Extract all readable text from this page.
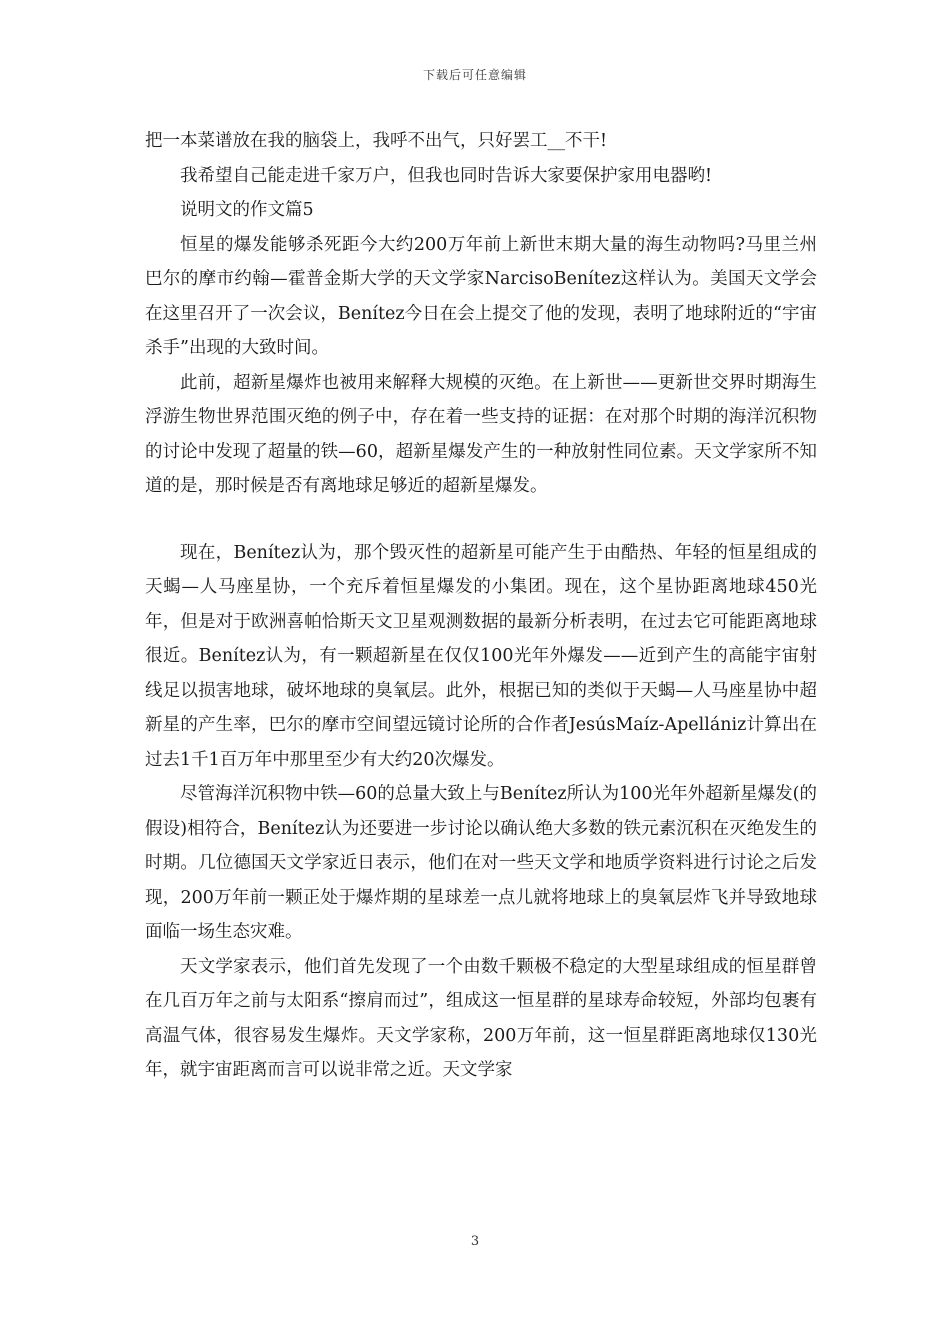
下载后可任意编辑

把一本菜谱放在我的脑袋上，我呼不出气，只好罢工__不干!

我希望自己能走进千家万户，但我也同时告诉大家要保护家用电器哟!

说明文的作文篇5

恒星的爆发能够杀死距今大约200万年前上新世末期大量的海生动物吗?马里兰州巴尔的摩市约翰—霍普金斯大学的天文学家NarcisoBenítez这样认为。美国天文学会在这里召开了一次会议，Benítez今日在会上提交了他的发现，表明了地球附近的“宇宙杀手”出现的大致时间。

此前，超新星爆炸也被用来解释大规模的灭绝。在上新世——更新世交界时期海生浮游生物世界范围灭绝的例子中，存在着一些支持的证据：在对那个时期的海洋沉积物的讨论中发现了超量的铁—60，超新星爆发产生的一种放射性同位素。天文学家所不知道的是，那时候是否有离地球足够近的超新星爆发。

现在，Benítez认为，那个毁灭性的超新星可能产生于由酷热、年轻的恒星组成的天蝎—人马座星协，一个充斥着恒星爆发的小集团。现在，这个星协距离地球450光年，但是对于欧洲喜帕恰斯天文卫星观测数据的最新分析表明，在过去它可能距离地球很近。Benítez认为，有一颗超新星在仅仅100光年外爆发——近到产生的高能宇宙射线足以损害地球，破坏地球的臭氧层。此外，根据已知的类似于天蝎—人马座星协中超新星的产生率，巴尔的摩市空间望远镜讨论所的合作者JesúsMaíz-Apellániz计算出在过去1千1百万年中那里至少有大约20次爆发。

尽管海洋沉积物中铁—60的总量大致上与Benítez所认为100光年外超新星爆发(的假设)相符合，Benítez认为还要进一步讨论以确认绝大多数的铁元素沉积在灭绝发生的时期。几位德国天文学家近日表示，他们在对一些天文学和地质学资料进行讨论之后发现，200万年前一颗正处于爆炸期的星球差一点儿就将地球上的臭氧层炸飞并导致地球面临一场生态灾难。

天文学家表示，他们首先发现了一个由数千颗极不稳定的大型星球组成的恒星群曾在几百万年之前与太阳系“擦肩而过”，组成这一恒星群的星球寿命较短，外部均包裹有高温气体，很容易发生爆炸。天文学家称，200万年前，这一恒星群距离地球仅130光年，就宇宙距离而言可以说非常之近。天文学家

3
